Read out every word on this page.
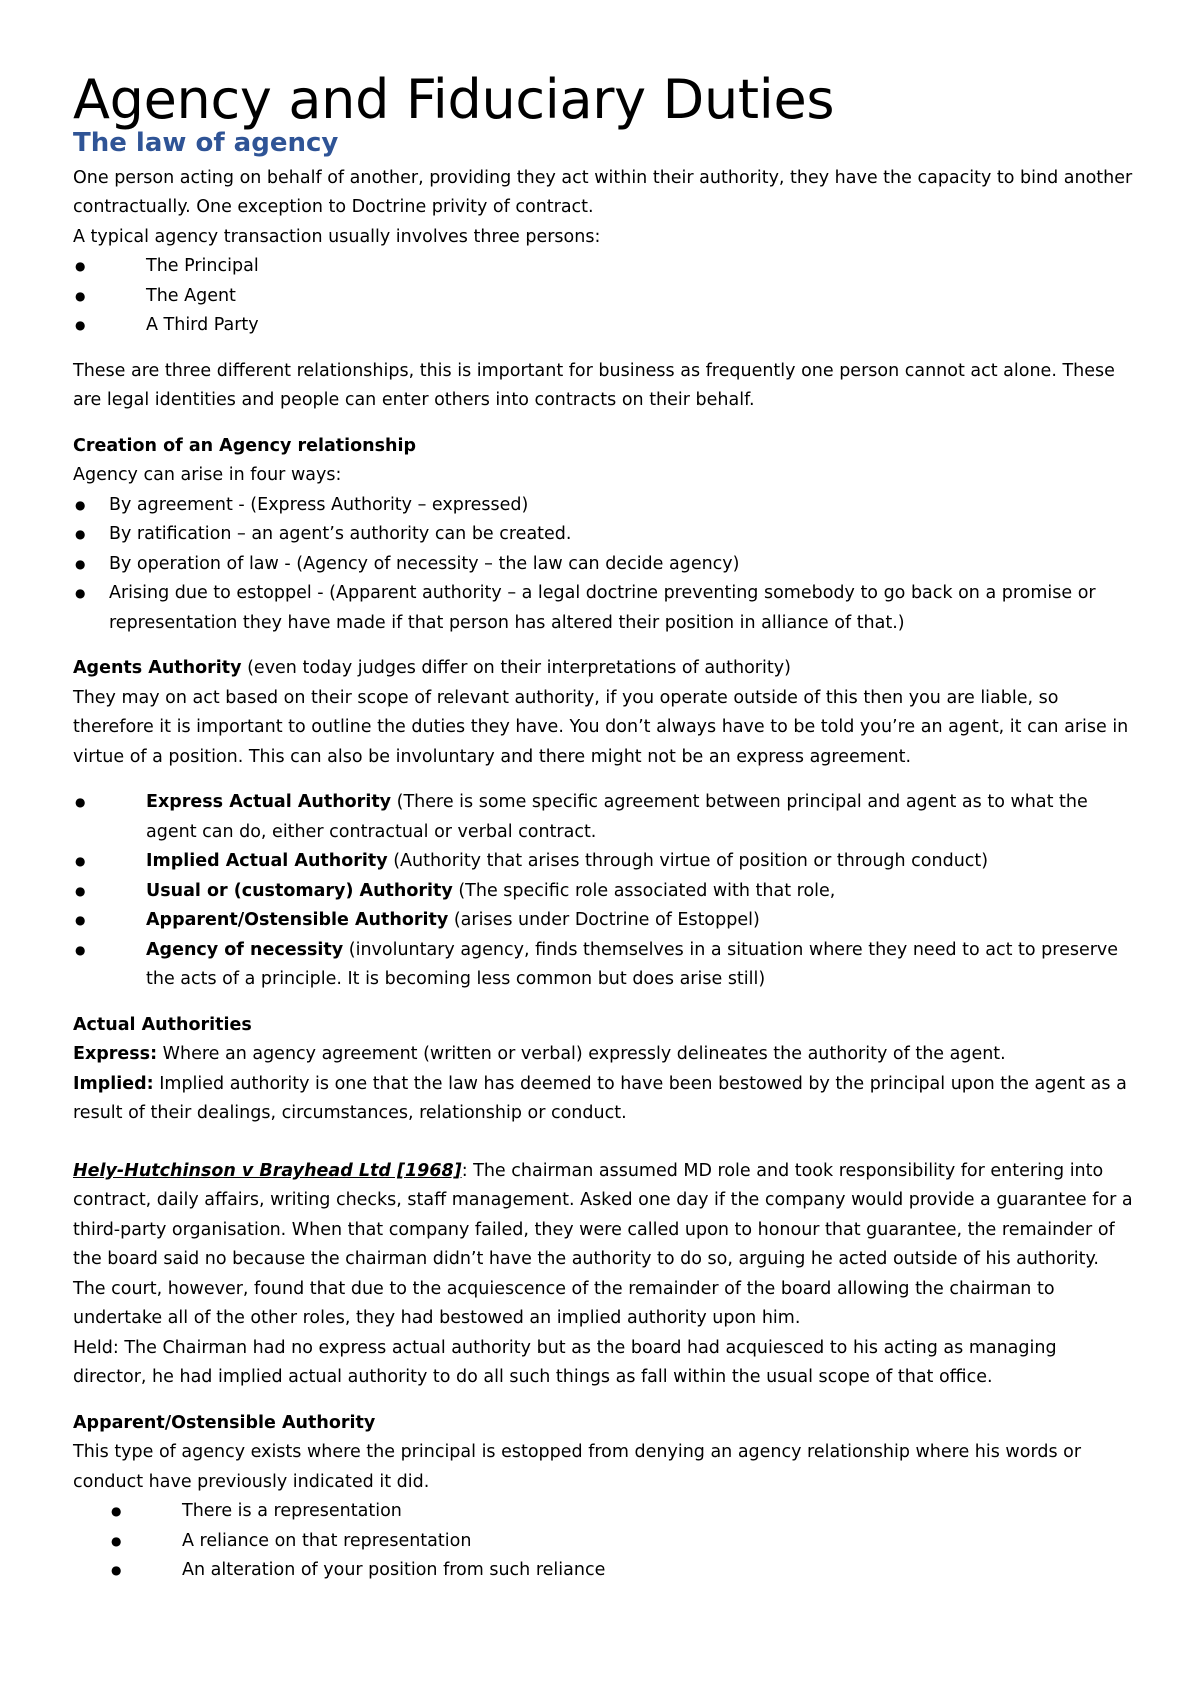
Agency and Fiduciary Duties
The law of agency

One person acting on behalf of another, providing they act within their authority, they have the capacity to bind another contractually. One exception to Doctrine privity of contract.

A typical agency transaction usually involves three persons:

● The Principal
● The Agent
● A Third Party

These are three different relationships, this is important for business as frequently one person cannot act alone. These are legal identities and people can enter others into contracts on their behalf.

Creation of an Agency relationship

Agency can arise in four ways:

● By agreement - (Express Authority – expressed)
● By ratification – an agent’s authority can be created.
● By operation of law - (Agency of necessity – the law can decide agency)
● Arising due to estoppel - (Apparent authority – a legal doctrine preventing somebody to go back on a promise or representation they have made if that person has altered their position in alliance of that.)

Agents Authority (even today judges differ on their interpretations of authority)

They may on act based on their scope of relevant authority, if you operate outside of this then you are liable, so therefore it is important to outline the duties they have. You don’t always have to be told you’re an agent, it can arise in virtue of a position. This can also be involuntary and there might not be an express agreement.

● Express Actual Authority (There is some specific agreement between principal and agent as to what the agent can do, either contractual or verbal contract.
● Implied Actual Authority (Authority that arises through virtue of position or through conduct)
● Usual or (customary) Authority (The specific role associated with that role,
● Apparent/Ostensible Authority (arises under Doctrine of Estoppel)
● Agency of necessity (involuntary agency, finds themselves in a situation where they need to act to preserve the acts of a principle. It is becoming less common but does arise still)

Actual Authorities

Express: Where an agency agreement (written or verbal) expressly delineates the authority of the agent.

Implied: Implied authority is one that the law has deemed to have been bestowed by the principal upon the agent as a result of their dealings, circumstances, relationship or conduct.

Hely-Hutchinson v Brayhead Ltd [1968]: The chairman assumed MD role and took responsibility for entering into contract, daily affairs, writing checks, staff management. Asked one day if the company would provide a guarantee for a third-party organisation. When that company failed, they were called upon to honour that guarantee, the remainder of the board said no because the chairman didn’t have the authority to do so, arguing he acted outside of his authority. The court, however, found that due to the acquiescence of the remainder of the board allowing the chairman to undertake all of the other roles, they had bestowed an implied authority upon him.

Held: The Chairman had no express actual authority but as the board had acquiesced to his acting as managing director, he had implied actual authority to do all such things as fall within the usual scope of that office.

Apparent/Ostensible Authority

This type of agency exists where the principal is estopped from denying an agency relationship where his words or conduct have previously indicated it did.

● There is a representation
● A reliance on that representation
● An alteration of your position from such reliance
